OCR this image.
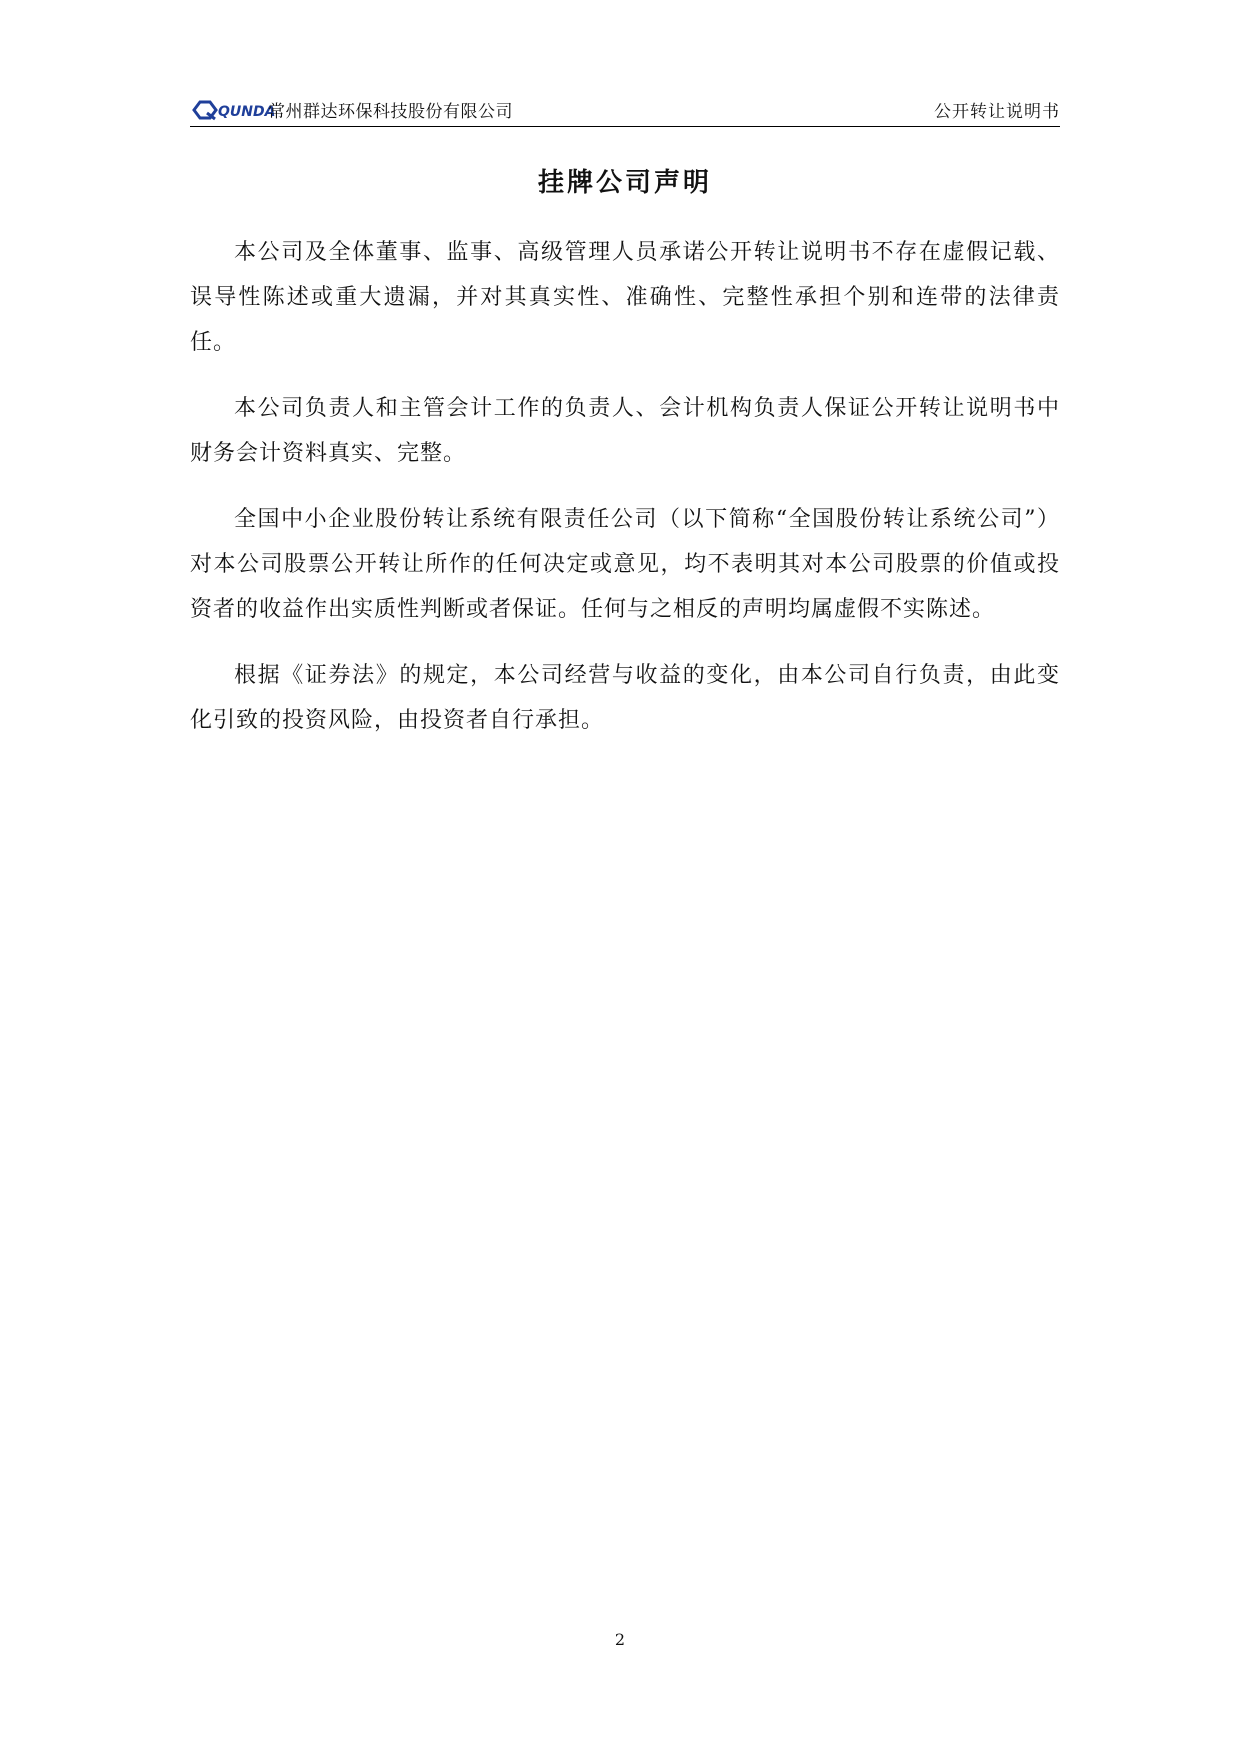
QUNDA
常州群达环保科技股份有限公司	公开转让说明书
挂牌公司声明

本公司及全体董事、监事、高级管理人员承诺公开转让说明书不存在虚假记载、误导性陈述或重大遗漏，并对其真实性、准确性、完整性承担个别和连带的法律责任。

本公司负责人和主管会计工作的负责人、会计机构负责人保证公开转让说明书中财务会计资料真实、完整。

全国中小企业股份转让系统有限责任公司（以下简称“全国股份转让系统公司”）对本公司股票公开转让所作的任何决定或意见，均不表明其对本公司股票的价值或投资者的收益作出实质性判断或者保证。任何与之相反的声明均属虚假不实陈述。

根据《证券法》的规定，本公司经营与收益的变化，由本公司自行负责，由此变化引致的投资风险，由投资者自行承担。

2
